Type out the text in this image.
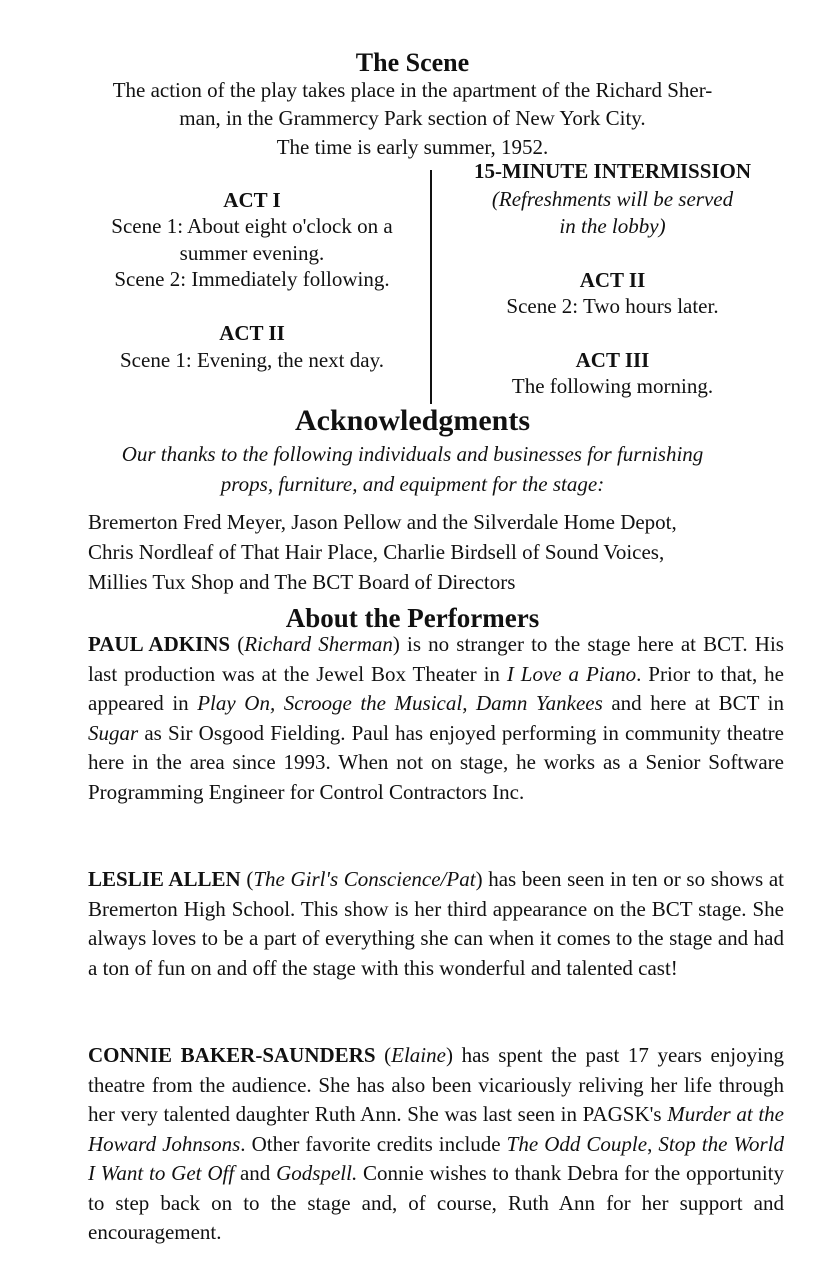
The Scene
The action of the play takes place in the apartment of the Richard Sher-
man, in the Grammercy Park section of New York City.
The time is early summer, 1952.
ACT I
Scene 1: About eight o'clock on a
summer evening.
Scene 2: Immediately following.
ACT II
Scene 1: Evening, the next day.
15-MINUTE INTERMISSION
(Refreshments will be served
in the lobby)
ACT II
Scene 2: Two hours later.
ACT III
The following morning.
Acknowledgments
Our thanks to the following individuals and businesses for furnishing
props, furniture, and equipment for the stage:
Bremerton Fred Meyer, Jason Pellow and the Silverdale Home Depot,
Chris Nordleaf of That Hair Place, Charlie Birdsell of Sound Voices,
Millies Tux Shop and The BCT Board of Directors
About the Performers

PAUL ADKINS (Richard Sherman) is no stranger to the stage here at BCT. His last production was at the Jewel Box Theater in I Love a Piano. Prior to that, he appeared in Play On, Scrooge the Musical, Damn Yankees and here at BCT in Sugar as Sir Osgood Fielding. Paul has enjoyed performing in community theatre here in the area since 1993. When not on stage, he works as a Senior Software Programming Engineer for Control Contractors Inc.

LESLIE ALLEN (The Girl's Conscience/Pat) has been seen in ten or so shows at Bremerton High School. This show is her third appearance on the BCT stage. She always loves to be a part of everything she can when it comes to the stage and had a ton of fun on and off the stage with this wonderful and talented cast!

CONNIE BAKER-SAUNDERS (Elaine) has spent the past 17 years enjoying theatre from the audience. She has also been vicariously reliving her life through her very talented daughter Ruth Ann. She was last seen in PAGSK's Murder at the Howard Johnsons. Other favorite credits include The Odd Couple, Stop the World I Want to Get Off and Godspell. Connie wishes to thank Debra for the opportunity to step back on to the stage and, of course, Ruth Ann for her support and encouragement.
